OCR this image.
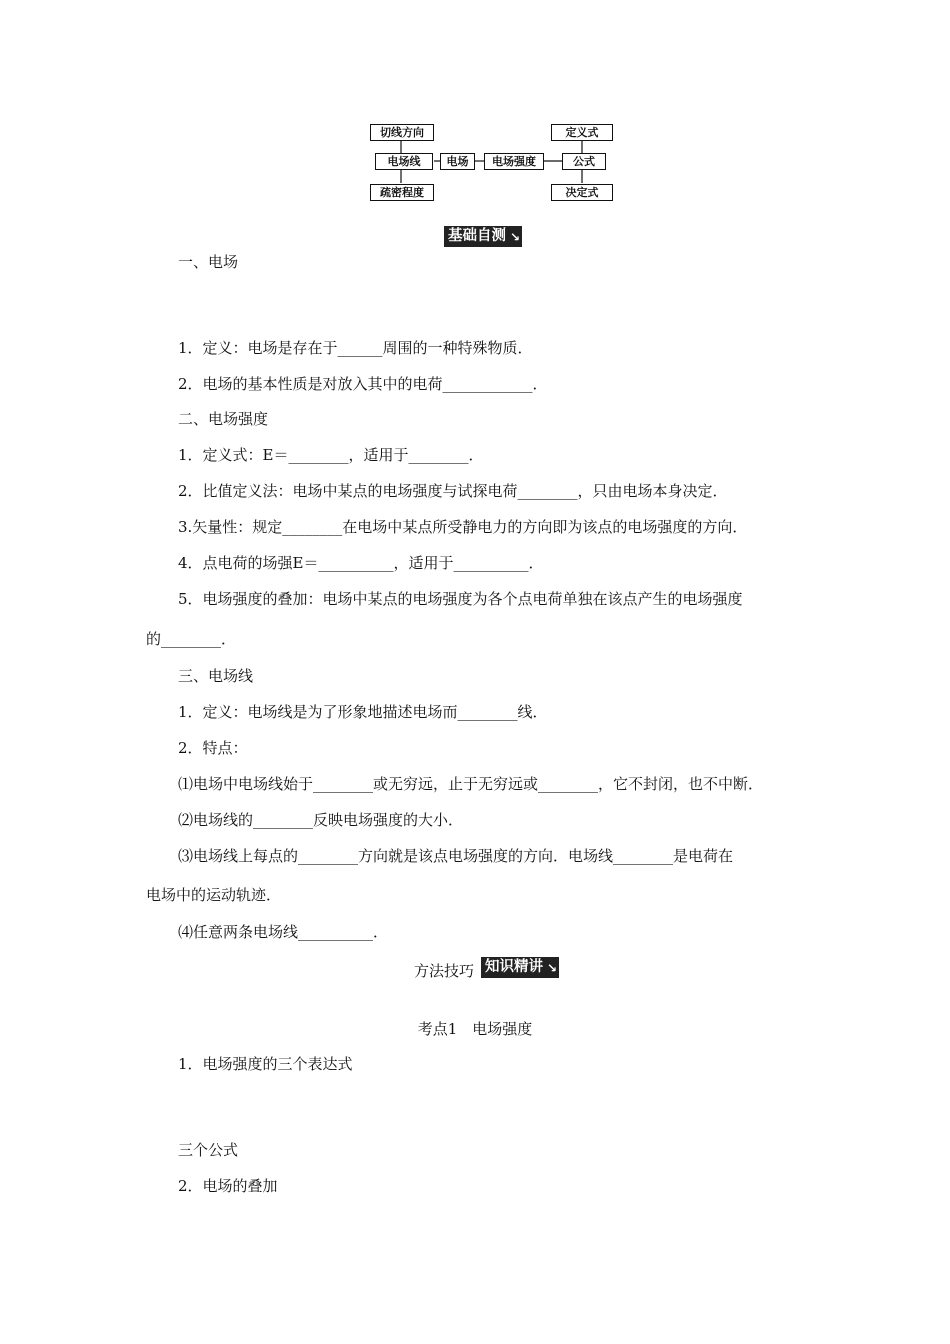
切线方向
电场线
疏密程度
电场	电场强度
定义式
公式
决定式
基础自测 ↘
一、电场
1．定义：电场是存在于______周围的一种特殊物质．
2．电场的基本性质是对放入其中的电荷____________．
二、电场强度
1．定义式：E＝________，适用于________．
2．比值定义法：电场中某点的电场强度与试探电荷________，只由电场本身决定．
3.矢量性：规定________在电场中某点所受静电力的方向即为该点的电场强度的方向．
4．点电荷的场强E＝__________，适用于__________．
5．电场强度的叠加：电场中某点的电场强度为各个点电荷单独在该点产生的电场强度
的________．
三、电场线
1．定义：电场线是为了形象地描述电场而________线．
2．特点：
⑴电场中电场线始于________或无穷远，止于无穷远或________，它不封闭，也不中断．
⑵电场线的________反映电场强度的大小．
⑶电场线上每点的________方向就是该点电场强度的方向．电场线________是电荷在
电场中的运动轨迹．
⑷任意两条电场线__________．
方法技巧 知识精讲 ↘
考点1　电场强度
1．电场强度的三个表达式
三个公式
2．电场的叠加
